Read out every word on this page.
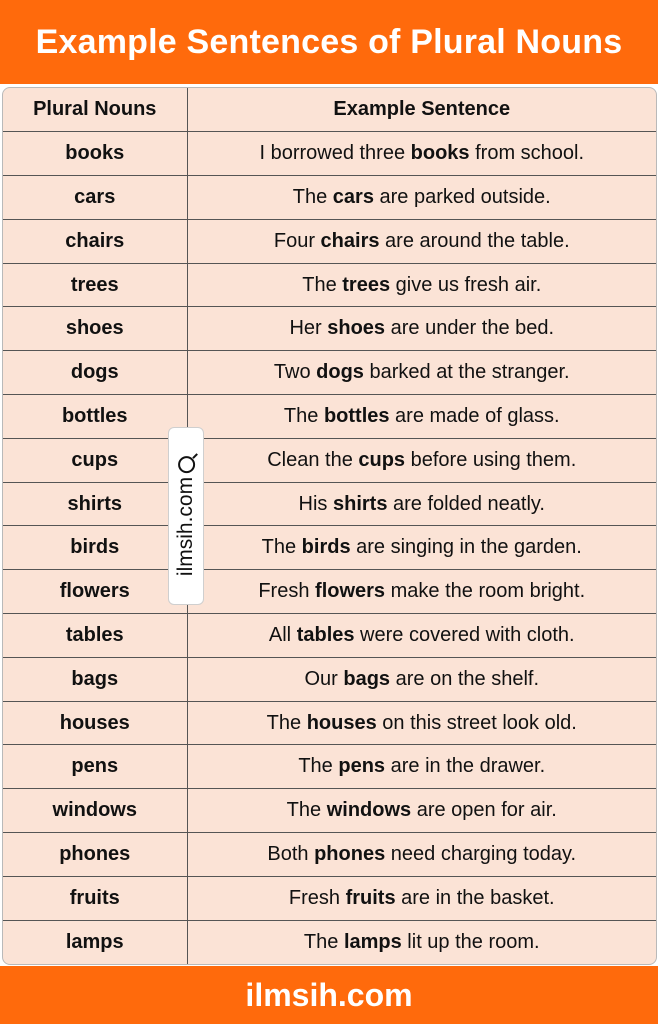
Example Sentences of Plural Nouns
Plural Nouns	Example Sentence
books	I borrowed three books from school.
cars	The cars are parked outside.
chairs	Four chairs are around the table.
trees	The trees give us fresh air.
shoes	Her shoes are under the bed.
dogs	Two dogs barked at the stranger.
bottles	The bottles are made of glass.
cups	Clean the cups before using them.
shirts	His shirts are folded neatly.
birds	The birds are singing in the garden.
flowers	Fresh flowers make the room bright.
tables	All tables were covered with cloth.
bags	Our bags are on the shelf.
houses	The houses on this street look old.
pens	The pens are in the drawer.
windows	The windows are open for air.
phones	Both phones need charging today.
fruits	Fresh fruits are in the basket.
lamps	The lamps lit up the room.
ilmsih.com
ilmsih.com
